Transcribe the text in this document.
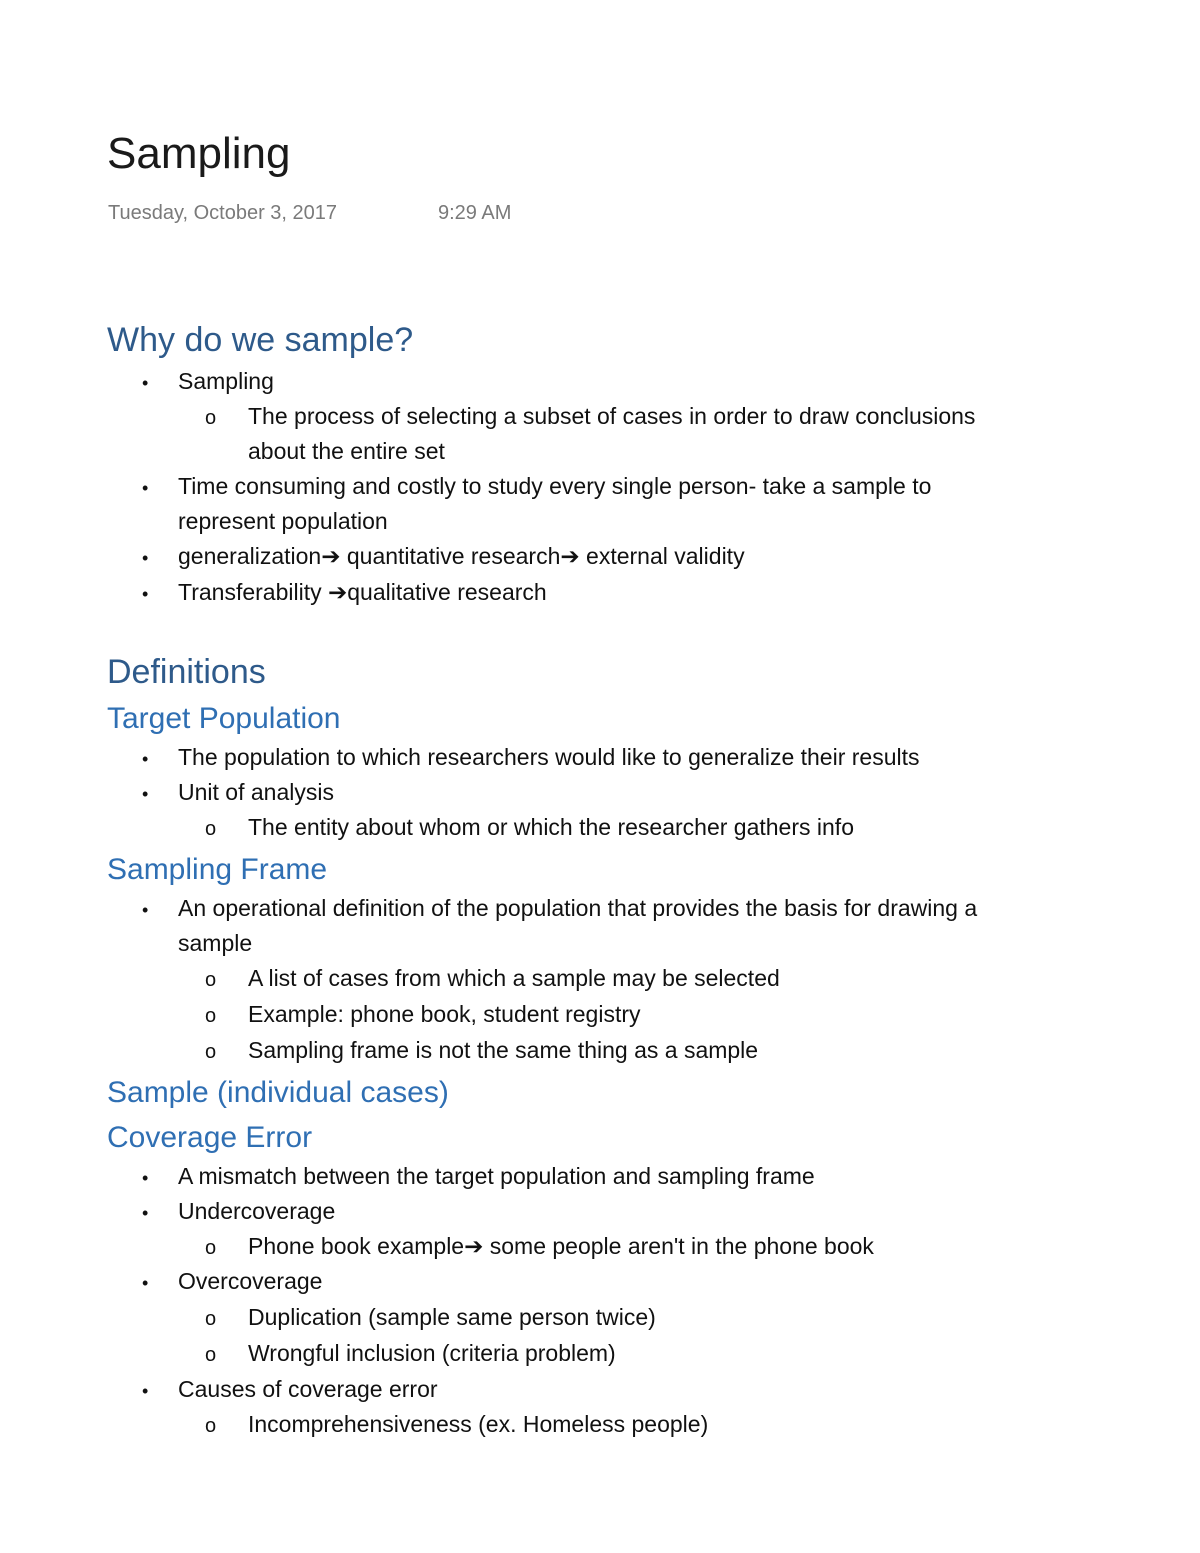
Sampling
Tuesday, October 3, 2017	9:29 AM
Why do we sample?
• Sampling
o The process of selecting a subset of cases in order to draw conclusions
about the entire set
• Time consuming and costly to study every single person- take a sample to
represent population
• generalization➔ quantitative research➔ external validity
• Transferability ➔qualitative research
Definitions
Target Population
• The population to which researchers would like to generalize their results
• Unit of analysis
o The entity about whom or which the researcher gathers info
Sampling Frame
• An operational definition of the population that provides the basis for drawing a
sample
o A list of cases from which a sample may be selected
o Example: phone book, student registry
o Sampling frame is not the same thing as a sample
Sample (individual cases)
Coverage Error
• A mismatch between the target population and sampling frame
• Undercoverage
o Phone book example➔ some people aren't in the phone book
• Overcoverage
o Duplication (sample same person twice)
o Wrongful inclusion (criteria problem)
• Causes of coverage error
o Incomprehensiveness (ex. Homeless people)
